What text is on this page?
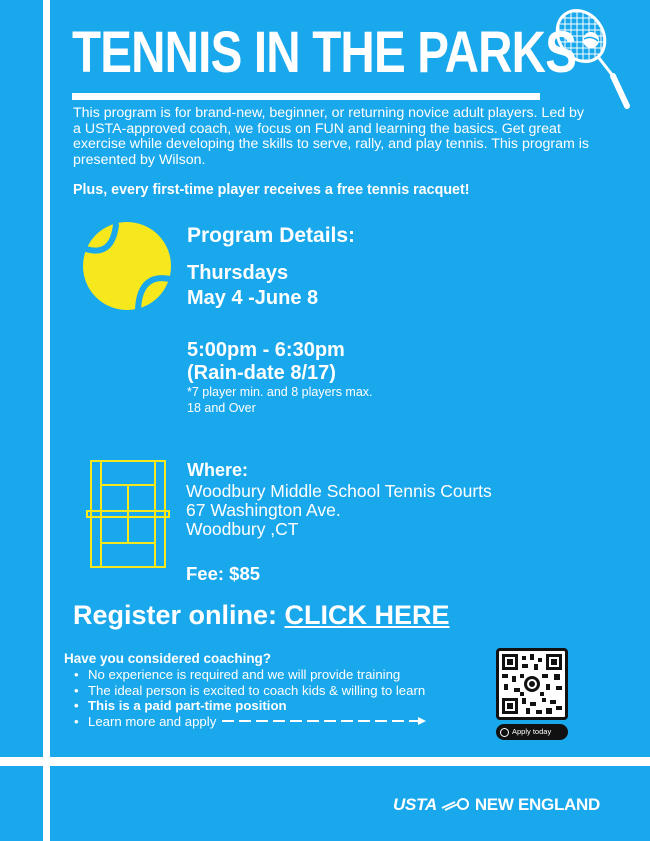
TENNIS IN THE PARKS

This program is for brand-new, beginner, or returning novice adult players. Led by a USTA-approved coach, we focus on FUN and learning the basics. Get great exercise while developing the skills to serve, rally, and play tennis. This program is presented by Wilson.

Plus, every first-time player receives a free tennis racquet!

Program Details:
Thursdays
May 4 -June 8
5:00pm - 6:30pm
(Rain-date 8/17)
*7 player min. and 8 players max.
18 and Over
Where:
Woodbury Middle School Tennis Courts
67 Washington Ave.
Woodbury ,CT
Fee: $85
Register online: CLICK HERE
Have you considered coaching?
• No experience is required and we will provide training
• The ideal person is excited to coach kids & willing to learn
• This is a paid part-time position
• Learn more and apply
Apply today
USTA NEW ENGLAND
